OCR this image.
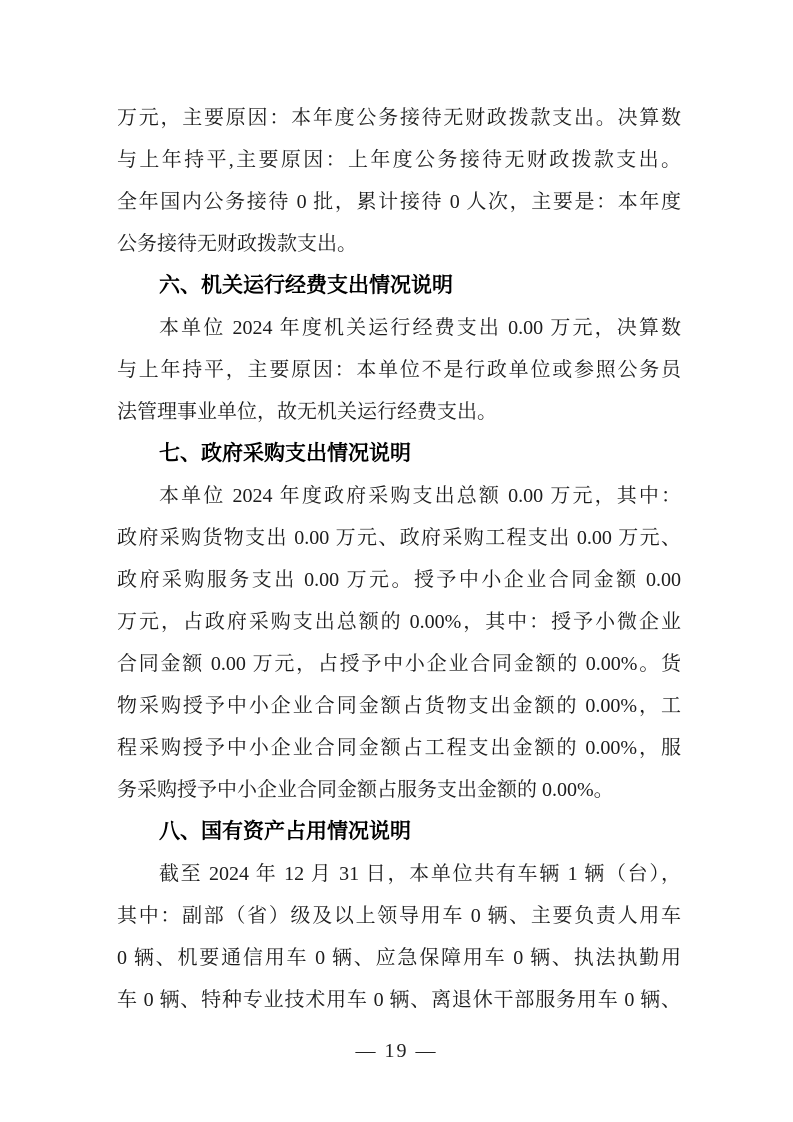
万元，主要原因：本年度公务接待无财政拨款支出。决算数
与上年持平,主要原因：上年度公务接待无财政拨款支出。
全年国内公务接待 0 批，累计接待 0 人次，主要是：本年度
公务接待无财政拨款支出。
六、机关运行经费支出情况说明
本单位 2024 年度机关运行经费支出 0.00 万元，决算数
与上年持平，主要原因：本单位不是行政单位或参照公务员
法管理事业单位，故无机关运行经费支出。
七、政府采购支出情况说明
本单位 2024 年度政府采购支出总额 0.00 万元，其中：
政府采购货物支出 0.00 万元、政府采购工程支出 0.00 万元、
政府采购服务支出 0.00 万元。授予中小企业合同金额 0.00
万元，占政府采购支出总额的 0.00%，其中：授予小微企业
合同金额 0.00 万元，占授予中小企业合同金额的 0.00%。货
物采购授予中小企业合同金额占货物支出金额的 0.00%，工
程采购授予中小企业合同金额占工程支出金额的 0.00%，服
务采购授予中小企业合同金额占服务支出金额的 0.00%。
八、国有资产占用情况说明
截至 2024 年 12 月 31 日，本单位共有车辆 1 辆（台），
其中：副部（省）级及以上领导用车 0 辆、主要负责人用车
0 辆、机要通信用车 0 辆、应急保障用车 0 辆、执法执勤用
车 0 辆、特种专业技术用车 0 辆、离退休干部服务用车 0 辆、
— 19 —
